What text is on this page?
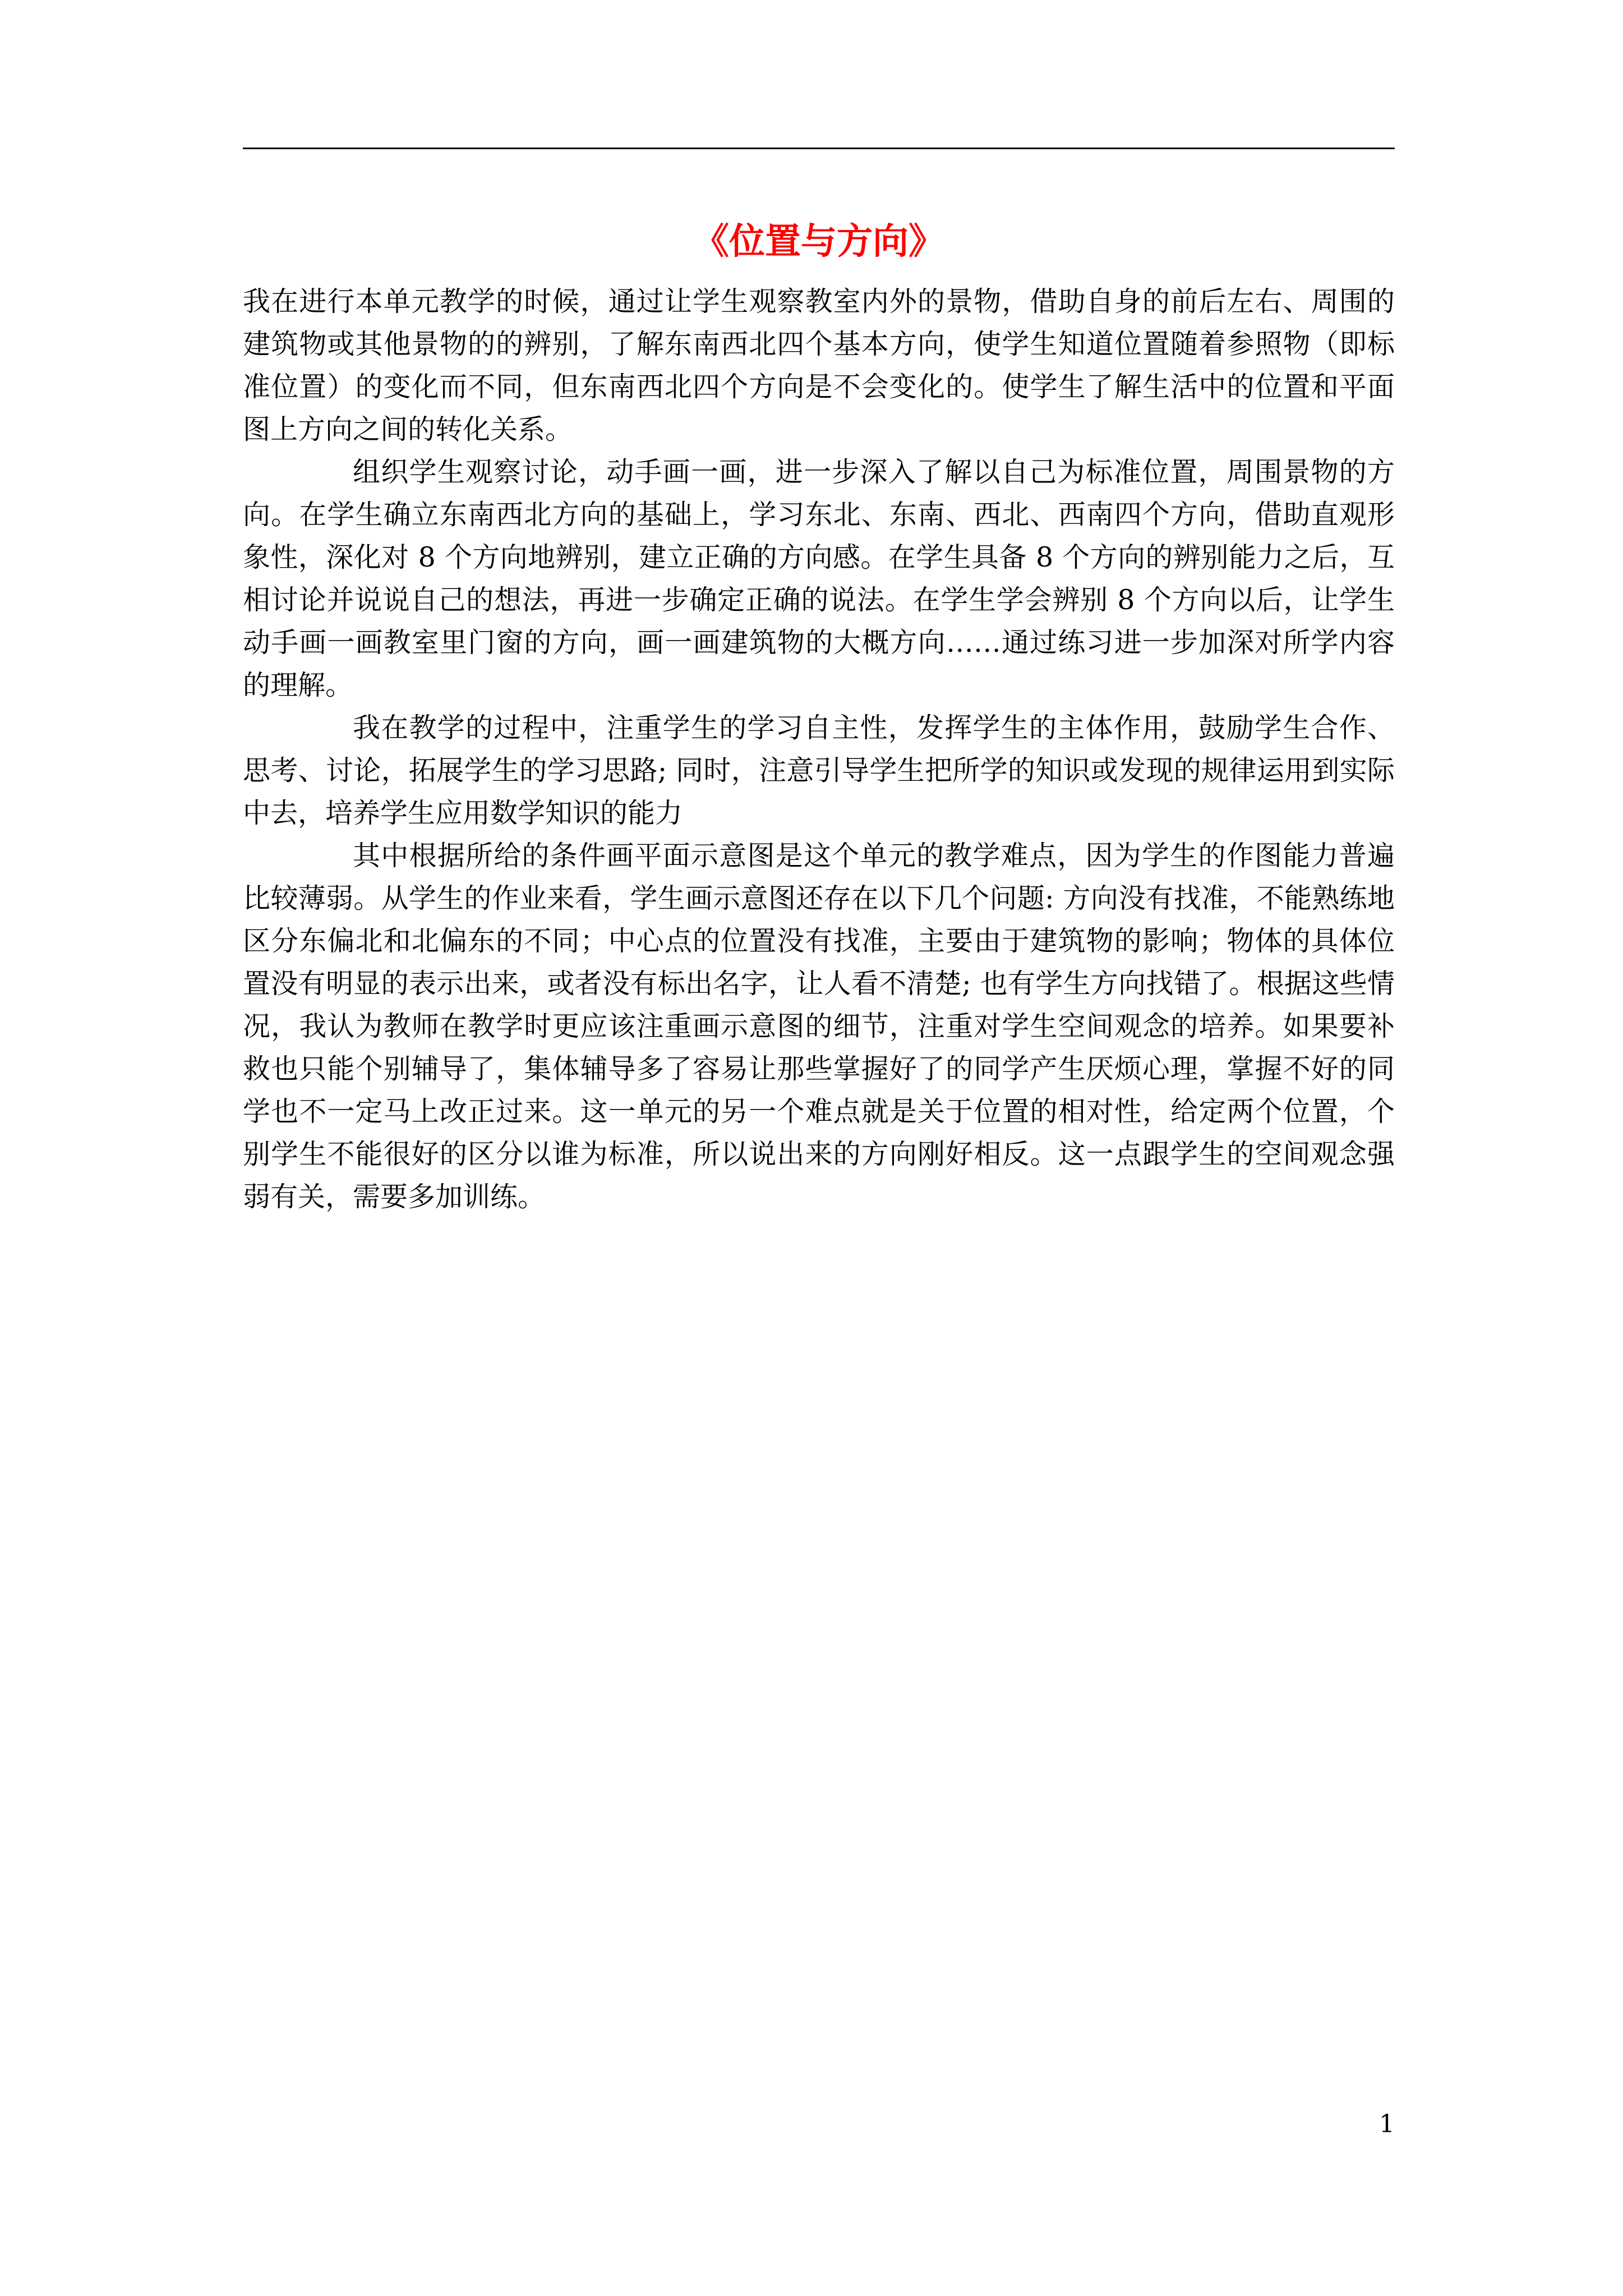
《位置与方向》

我在进行本单元教学的时候，通过让学生观察教室内外的景物，借助自身的前后左右、周围的建筑物或其他景物的的辨别，了解东南西北四个基本方向，使学生知道位置随着参照物（即标准位置）的变化而不同，但东南西北四个方向是不会变化的。使学生了解生活中的位置和平面图上方向之间的转化关系。

组织学生观察讨论，动手画一画，进一步深入了解以自己为标准位置，周围景物的方向。在学生确立东南西北方向的基础上，学习东北、东南、西北、西南四个方向，借助直观形象性，深化对 8 个方向地辨别，建立正确的方向感。在学生具备 8 个方向的辨别能力之后，互相讨论并说说自己的想法，再进一步确定正确的说法。在学生学会辨别 8 个方向以后，让学生动手画一画教室里门窗的方向，画一画建筑物的大概方向……通过练习进一步加深对所学内容的理解。

我在教学的过程中，注重学生的学习自主性，发挥学生的主体作用，鼓励学生合作、思考、讨论，拓展学生的学习思路; 同时，注意引导学生把所学的知识或发现的规律运用到实际中去，培养学生应用数学知识的能力

其中根据所给的条件画平面示意图是这个单元的教学难点，因为学生的作图能力普遍比较薄弱。从学生的作业来看，学生画示意图还存在以下几个问题: 方向没有找准，不能熟练地区分东偏北和北偏东的不同；中心点的位置没有找准，主要由于建筑物的影响；物体的具体位置没有明显的表示出来，或者没有标出名字，让人看不清楚; 也有学生方向找错了。根据这些情况，我认为教师在教学时更应该注重画示意图的细节，注重对学生空间观念的培养。如果要补救也只能个别辅导了，集体辅导多了容易让那些掌握好了的同学产生厌烦心理，掌握不好的同学也不一定马上改正过来。这一单元的另一个难点就是关于位置的相对性，给定两个位置，个别学生不能很好的区分以谁为标准，所以说出来的方向刚好相反。这一点跟学生的空间观念强弱有关，需要多加训练。

1
